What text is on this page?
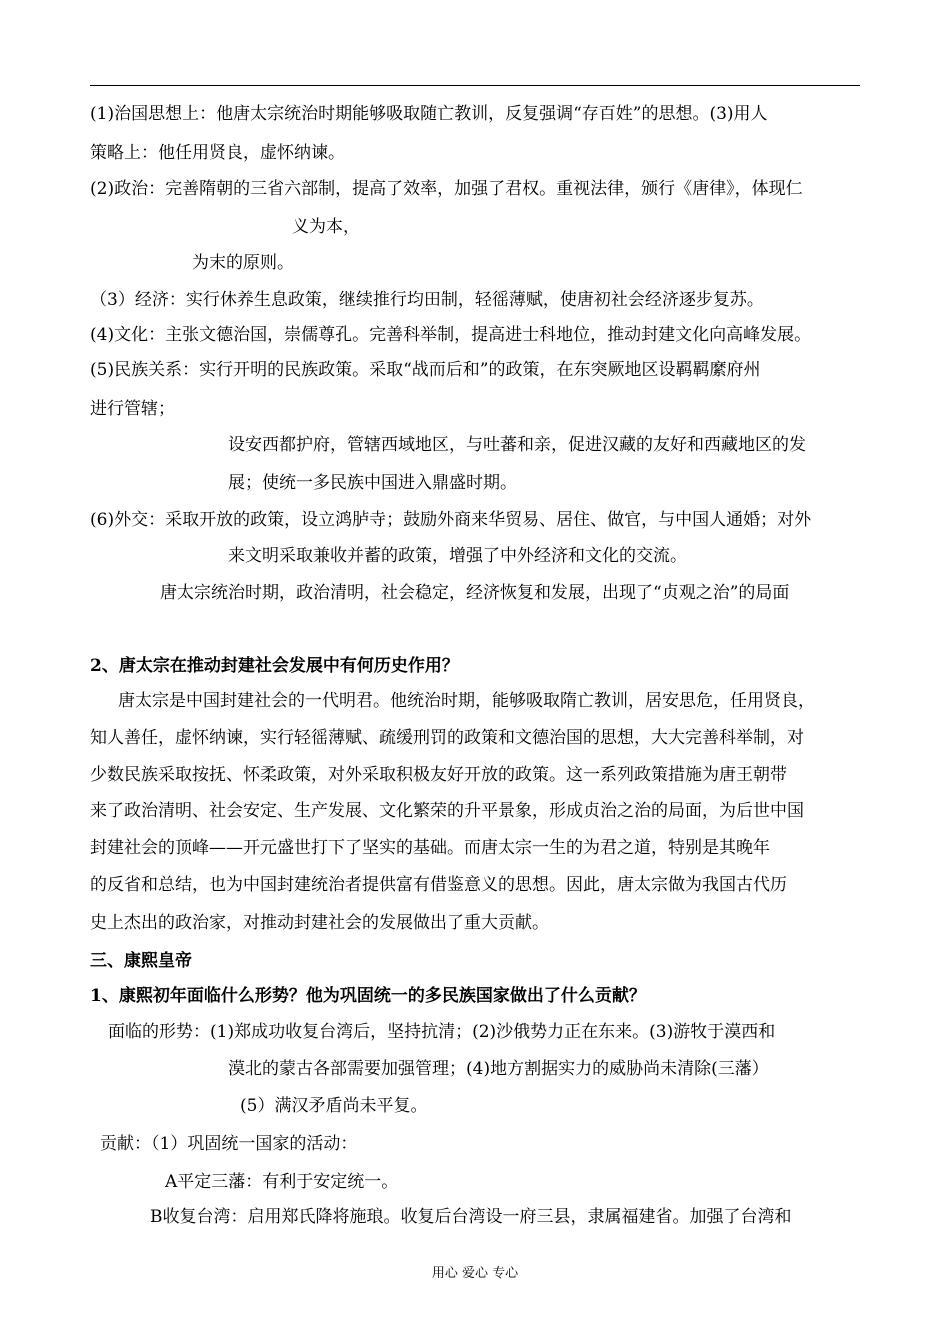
(1)治国思想上：他唐太宗统治时期能够吸取随亡教训，反复强调“存百姓”的思想。(3)用人
策略上：他任用贤良，虚怀纳谏。
(2)政治：完善隋朝的三省六部制，提高了效率，加强了君权。重视法律，颁行《唐律》，体现仁
义为本，
为末的原则。
（3）经济：实行休养生息政策，继续推行均田制，轻徭薄赋，使唐初社会经济逐步复苏。
(4)文化：主张文德治国，崇儒尊孔。完善科举制，提高进士科地位，推动封建文化向高峰发展。
(5)民族关系：实行开明的民族政策。采取“战而后和”的政策，在东突厥地区设羁羁縻府州
进行管辖；
设安西都护府，管辖西域地区，与吐蕃和亲，促进汉藏的友好和西藏地区的发
展；使统一多民族中国进入鼎盛时期。
(6)外交：采取开放的政策，设立鸿胪寺；鼓励外商来华贸易、居住、做官，与中国人通婚；对外
来文明采取兼收并蓄的政策，增强了中外经济和文化的交流。
唐太宗统治时期，政治清明，社会稳定，经济恢复和发展，出现了“贞观之治”的局面
2、唐太宗在推动封建社会发展中有何历史作用？
唐太宗是中国封建社会的一代明君。他统治时期，能够吸取隋亡教训，居安思危，任用贤良，
知人善任，虚怀纳谏，实行轻徭薄赋、疏缓刑罚的政策和文德治国的思想，大大完善科举制，对
少数民族采取按抚、怀柔政策，对外采取积极友好开放的政策。这一系列政策措施为唐王朝带
来了政治清明、社会安定、生产发展、文化繁荣的升平景象，形成贞治之治的局面，为后世中国
封建社会的顶峰——开元盛世打下了坚实的基础。而唐太宗一生的为君之道，特别是其晚年
的反省和总结，也为中国封建统治者提供富有借鉴意义的思想。因此，唐太宗做为我国古代历
史上杰出的政治家，对推动封建社会的发展做出了重大贡献。
三、康熙皇帝
1、康熙初年面临什么形势？他为巩固统一的多民族国家做出了什么贡献？
面临的形势：(1)郑成功收复台湾后，坚持抗清；(2)沙俄势力正在东来。(3)游牧于漠西和
漠北的蒙古各部需要加强管理；(4)地方割据实力的威胁尚未清除(三藩）
(5）满汉矛盾尚未平复。
贡献：（1）巩固统一国家的活动：
A平定三藩：有利于安定统一。
B收复台湾：启用郑氏降将施琅。收复后台湾设一府三县，隶属福建省。加强了台湾和
用心 爱心 专心
